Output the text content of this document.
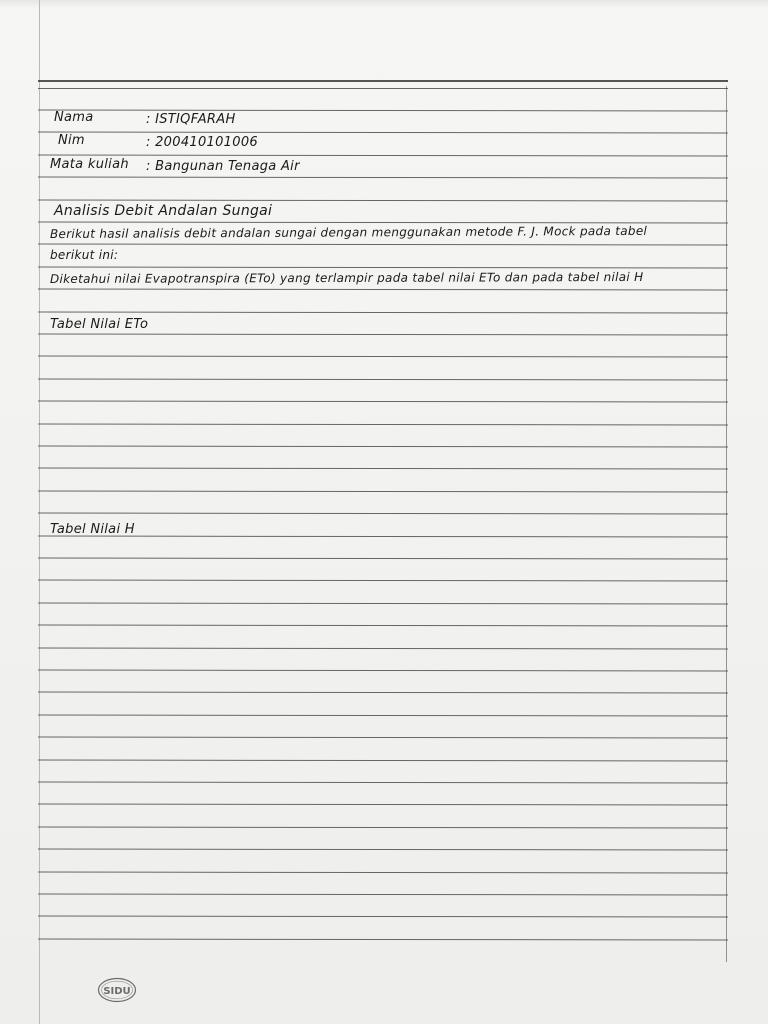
Nama	: ISTIQFARAH
Nim	: 200410101006
Mata kuliah : Bangunan Tenaga Air
Analisis Debit Andalan Sungai
Berikut hasil analisis debit andalan sungai dengan menggunakan metode F. J. Mock pada tabel
berikut ini:
Diketahui nilai Evapotranspira (ETo) yang terlampir pada tabel nilai ETo dan pada tabel nilai H
Tabel Nilai ETo
Tabel Nilai H
SIDU
